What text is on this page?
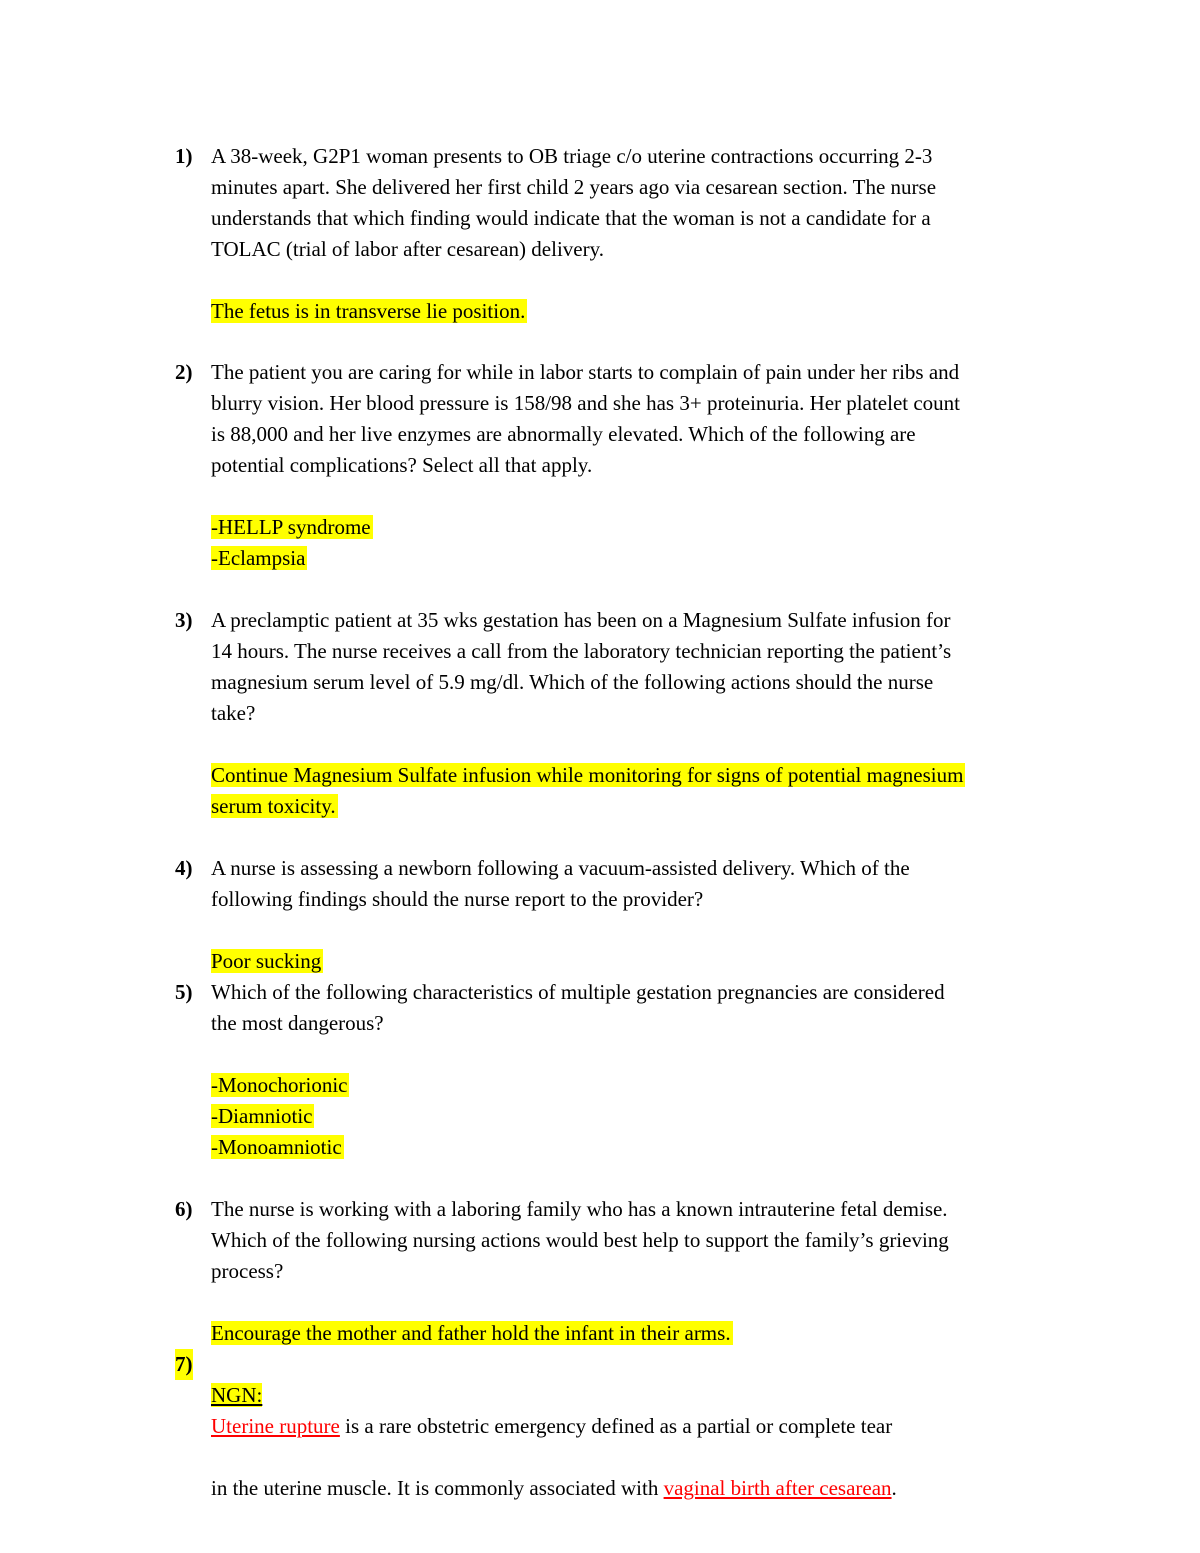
1) A 38-week, G2P1 woman presents to OB triage c/o uterine contractions occurring 2-3
minutes apart. She delivered her first child 2 years ago via cesarean section. The nurse
understands that which finding would indicate that the woman is not a candidate for a
TOLAC (trial of labor after cesarean) delivery.
The fetus is in transverse lie position.
2) The patient you are caring for while in labor starts to complain of pain under her ribs and
blurry vision. Her blood pressure is 158/98 and she has 3+ proteinuria. Her platelet count
is 88,000 and her live enzymes are abnormally elevated. Which of the following are
potential complications? Select all that apply.
-HELLP syndrome
-Eclampsia
3) A preclamptic patient at 35 wks gestation has been on a Magnesium Sulfate infusion for
14 hours. The nurse receives a call from the laboratory technician reporting the patient’s
magnesium serum level of 5.9 mg/dl. Which of the following actions should the nurse
take?
Continue Magnesium Sulfate infusion while monitoring for signs of potential magnesium
serum toxicity.
4) A nurse is assessing a newborn following a vacuum-assisted delivery. Which of the
following findings should the nurse report to the provider?
Poor sucking
5) Which of the following characteristics of multiple gestation pregnancies are considered
the most dangerous?
-Monochorionic
-Diamniotic
-Monoamniotic
6) The nurse is working with a laboring family who has a known intrauterine fetal demise.
Which of the following nursing actions would best help to support the family’s grieving
process?
Encourage the mother and father hold the infant in their arms.
7)

NGN:
Uterine rupture is a rare obstetric emergency defined as a partial or complete tear

in the uterine muscle. It is commonly associated with vaginal birth after cesarean.
